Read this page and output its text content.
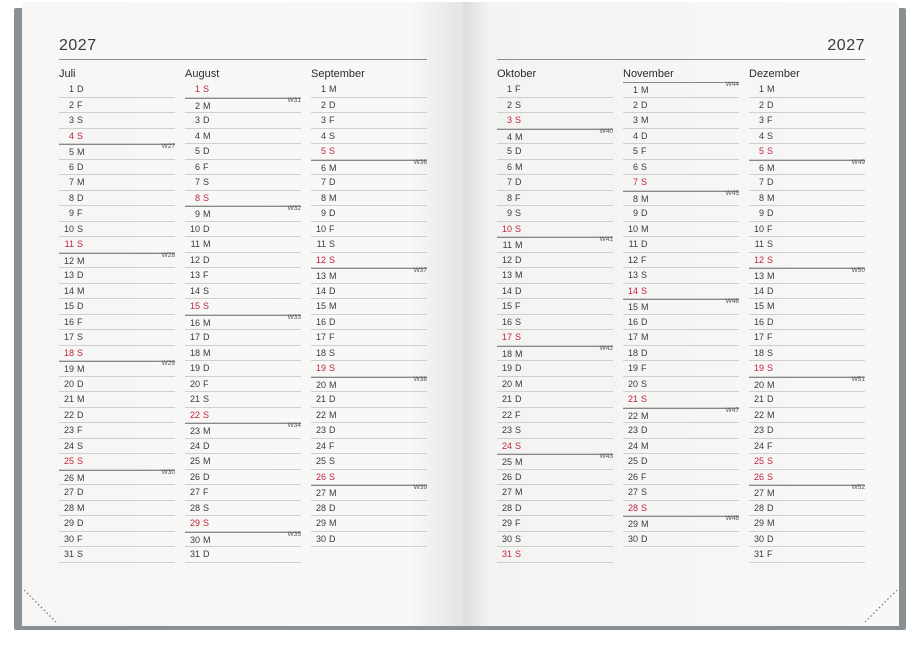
2027
Juli
1 D
2 F
3 S
4 S
5 M
W27
6 D
7 M
8 D
9 F
10 S
11 S
12 M
W28
13 D
14 M
15 D
16 F
17 S
18 S
19 M
W29
20 D
21 M
22 D
23 F
24 S
25 S
26 M
W30
27 D
28 M
29 D
30 F
31 S
August
1 S
2 M
W31
3 D
4 M
5 D
6 F
7 S
8 S
9 M
W32
10 D
11 M
12 D
13 F
14 S
15 S
16 M
W33
17 D
18 M
19 D
20 F
21 S
22 S
23 M
W34
24 D
25 M
26 D
27 F
28 S
29 S
30 M
W35
31 D
September
1 M
2 D
3 F
4 S
5 S
6 M
W36
7 D
8 M
9 D
10 F
11 S
12 S
13 M
W37
14 D
15 M
16 D
17 F
18 S
19 S
20 M
W38
21 D
22 M
23 D
24 F
25 S
26 S
27 M
W39
28 D
29 M
30 D
2027
Oktober
1 F
2 S
3 S
4 M
W40
5 D
6 M
7 D
8 F
9 S
10 S
11 M
W41
12 D
13 M
14 D
15 F
16 S
17 S
18 M
W42
19 D
20 M
21 D
22 F
23 S
24 S
25 M
W43
26 D
27 M
28 D
29 F
30 S
31 S
November
1 M
W44
2 D
3 M
4 D
5 F
6 S
7 S
8 M
W45
9 D
10 M
11 D
12 F
13 S
14 S
15 M
W46
16 D
17 M
18 D
19 F
20 S
21 S
22 M
W47
23 D
24 M
25 D
26 F
27 S
28 S
29 M
W48
30 D
Dezember
1 M
2 D
3 F
4 S
5 S
6 M
W49
7 D
8 M
9 D
10 F
11 S
12 S
13 M
W50
14 D
15 M
16 D
17 F
18 S
19 S
20 M
W51
21 D
22 M
23 D
24 F
25 S
26 S
27 M
W52
28 D
29 M
30 D
31 F
